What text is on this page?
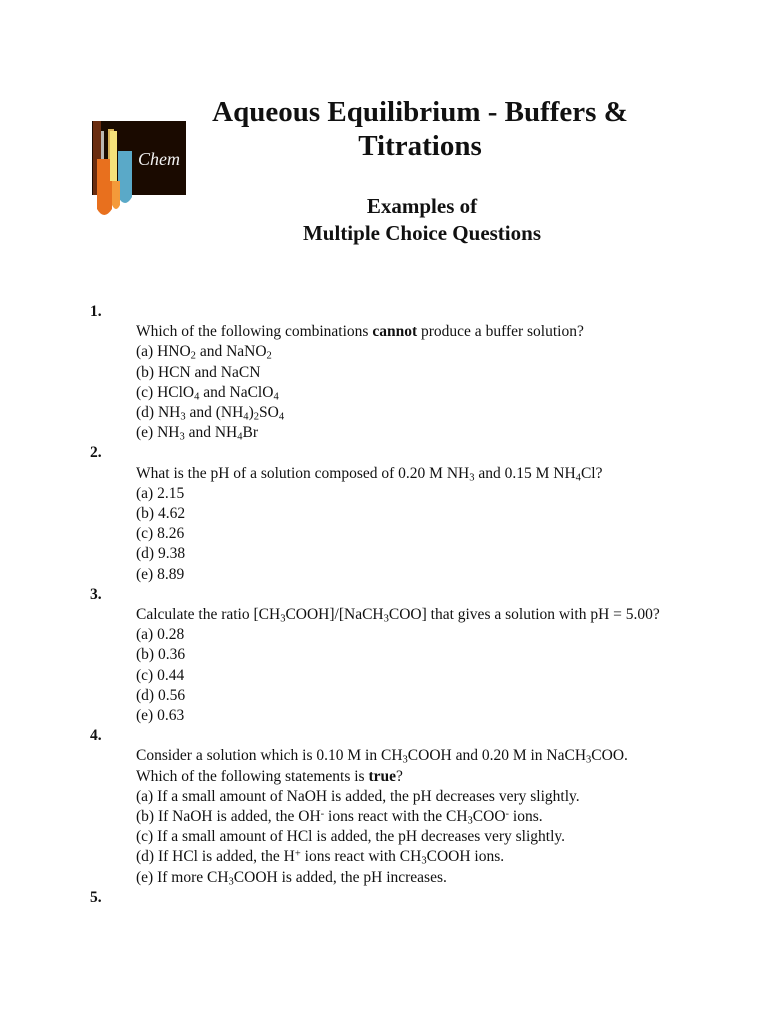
Chem
Aqueous Equilibrium - Buffers &
Titrations
Examples of
Multiple Choice Questions
1.
Which of the following combinations cannot produce a buffer solution?
(a) $HNO_2$ and NaNO$_2$
(b) HCN and NaCN
(c) HClO$_4$ and NaClO$_4$
(d) $NH_3$ and $(NH_4)_2SO_4$
(e) $NH_3$ and $NH_4Br$
2.
What is the pH of a solution composed of 0.20 M $NH_3$ and 0.15 M $NH_4Cl$?
(a) 2.15
(b) 4.62
(c) 8.26
(d) 9.38
(e) 8.89
3.
Calculate the ratio $[CH_3COOH]/[NaCH_3COO]$ that gives a solution with pH = 5.00?
(a) 0.28
(b) 0.36
(c) 0.44
(d) 0.56
(e) 0.63
4.
Consider a solution which is 0.10 M in $CH_3COOH$ and 0.20 M in NaCH$_3$COO.
Which of the following statements is true?
(a) If a small amount of NaOH is added, the pH decreases very slightly.
(b) If NaOH is added, the OH- ions react with the $CH_3COO^-$ ions.
(c) If a small amount of HCl is added, the pH decreases very slightly.
(d) If HCl is added, the H+ ions react with $CH_3COOH$ ions.
(e) If more $CH_3COOH$ is added, the pH increases.
5.
